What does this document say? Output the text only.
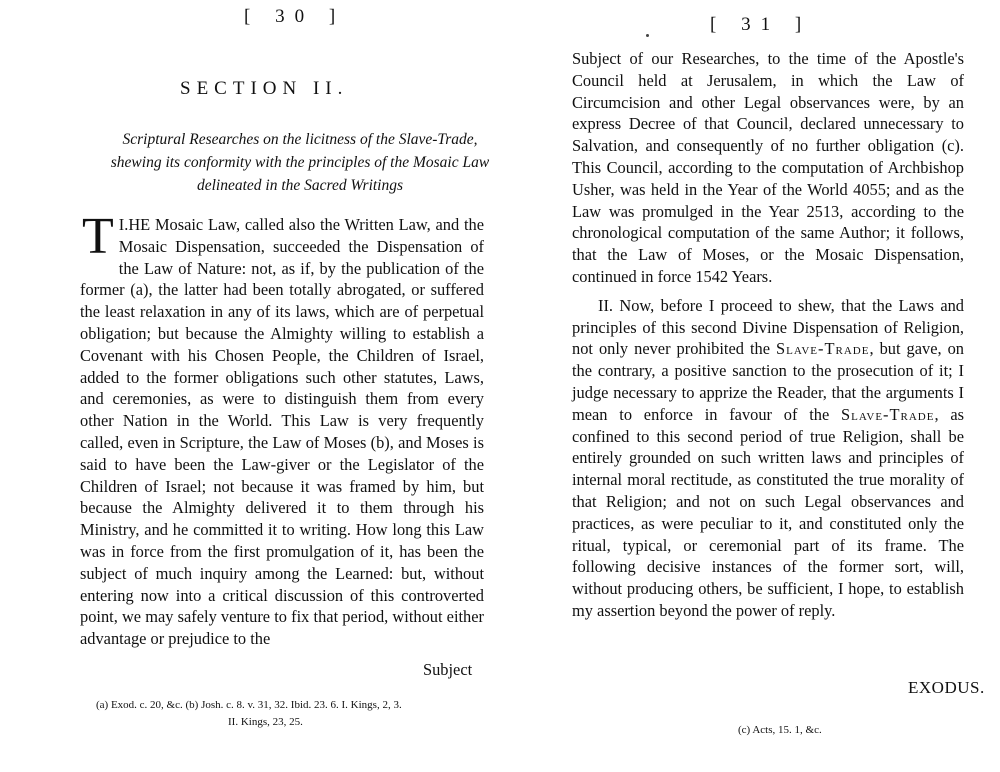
[ 30 ]
SECTION II.
Scriptural Researches on the licitness of the Slave-Trade, shewing its conformity with the principles of the Mosaic Law delineated in the Sacred Writings
I.
T HE Mosaic Law, called also the Written Law, and the Mosaic Dispensation, succeeded the Dispensation of the Law of Nature: not, as if, by the publication of the former (a), the latter had been totally abrogated, or suffered the least relaxation in any of its laws, which are of perpetual obligation; but because the Almighty willing to establish a Covenant with his Chosen People, the Children of Israel, added to the former obligations such other statutes, Laws, and ceremonies, as were to distinguish them from every other Nation in the World. This Law is very frequently called, even in Scripture, the Law of Moses (b), and Moses is said to have been the Law-giver or the Legislator of the Children of Israel; not because it was framed by him, but because the Almighty delivered it to them through his Ministry, and he committed it to writing. How long this Law was in force from the first promulgation of it, has been the subject of much inquiry among the Learned: but, without entering now into a critical discussion of this controverted point, we may safely venture to fix that period, without either advantage or prejudice to the
Subject
(a) Exod. c. 20, &c. (b) Josh. c. 8. v. 31, 32. Ibid. 23. 6. I. Kings, 2, 3.
II. Kings, 23, 25.
[ 31 ]
Subject of our Researches, to the time of the Apostle's Council held at Jerusalem, in which the Law of Circumcision and other Legal observances were, by an express Decree of that Council, declared unnecessary to Salvation, and consequently of no further obligation (c). This Council, according to the computation of Archbishop Usher, was held in the Year of the World 4055; and as the Law was promulged in the Year 2513, according to the chronological computation of the same Author; it follows, that the Law of Moses, or the Mosaic Dispensation, continued in force 1542 Years.
II. Now, before I proceed to shew, that the Laws and principles of this second Divine Dispensation of Religion, not only never prohibited the Slave-Trade, but gave, on the contrary, a positive sanction to the prosecution of it; I judge necessary to apprize the Reader, that the arguments I mean to enforce in favour of the Slave-Trade, as confined to this second period of true Religion, shall be entirely grounded on such written laws and principles of internal moral rectitude, as constituted the true morality of that Religion; and not on such Legal observances and practices, as were peculiar to it, and constituted only the ritual, typical, or ceremonial part of its frame. The following decisive instances of the former sort, will, without producing others, be sufficient, I hope, to establish my assertion beyond the power of reply.
EXODUS.
(c) Acts, 15. 1, &c.
